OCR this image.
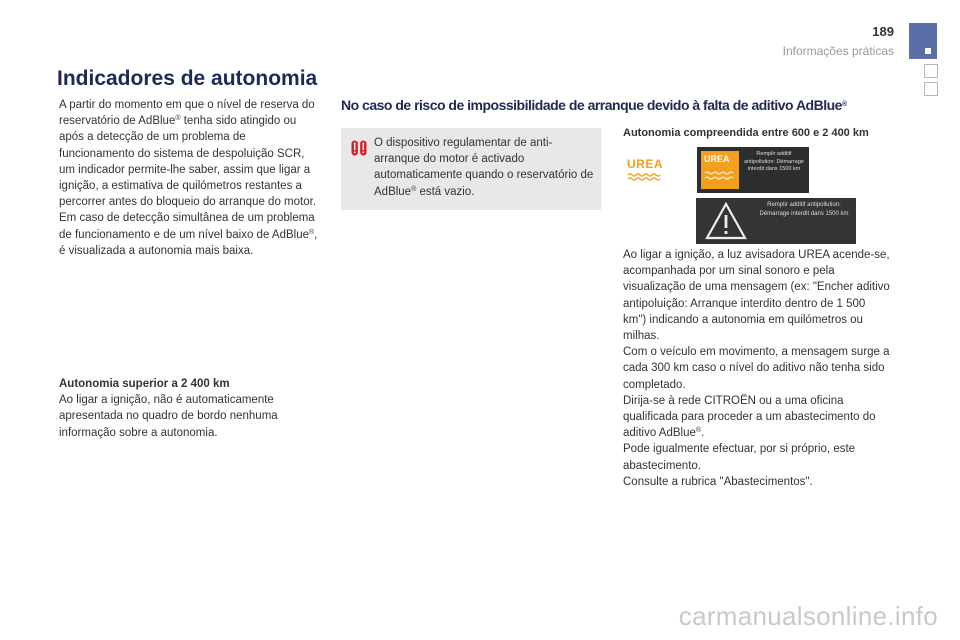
189
Informações práticas
Indicadores de autonomia

A partir do momento em que o nível de reserva do reservatório de AdBlue® tenha sido atingido ou após a detecção de um problema de funcionamento do sistema de despoluição SCR, um indicador permite-lhe saber, assim que ligar a ignição, a estimativa de quilómetros restantes a percorrer antes do bloqueio do arranque do motor.

Em caso de detecção simultânea de um problema de funcionamento e de um nível baixo de AdBlue®, é visualizada a autonomia mais baixa.

Autonomia superior a 2 400 km

Ao ligar a ignição, não é automaticamente apresentada no quadro de bordo nenhuma informação sobre a autonomia.

No caso de risco de impossibilidade de arranque devido à falta de aditivo AdBlue®
O dispositivo regulamentar de anti-arranque do motor é activado automaticamente quando o reservatório de AdBlue® está vazio.
Autonomia compreendida entre 600 e 2 400 km
UREA	UREA	Remplir additif antipollution: Démarrage interdit dans 1500 km
Remplir additif antipollution: Démarrage interdit dans 1500 km

Ao ligar a ignição, a luz avisadora UREA acende-se, acompanhada por um sinal sonoro e pela visualização de uma mensagem (ex: "Encher aditivo antipoluição: Arranque interdito dentro de 1 500 km") indicando a autonomia em quilómetros ou milhas.

Com o veículo em movimento, a mensagem surge a cada 300 km caso o nível do aditivo não tenha sido completado.

Dirija-se à rede CITROËN ou a uma oficina qualificada para proceder a um abastecimento do aditivo AdBlue®.

Pode igualmente efectuar, por si próprio, este abastecimento.

Consulte a rubrica "Abastecimentos".

carmanualsonline.info
